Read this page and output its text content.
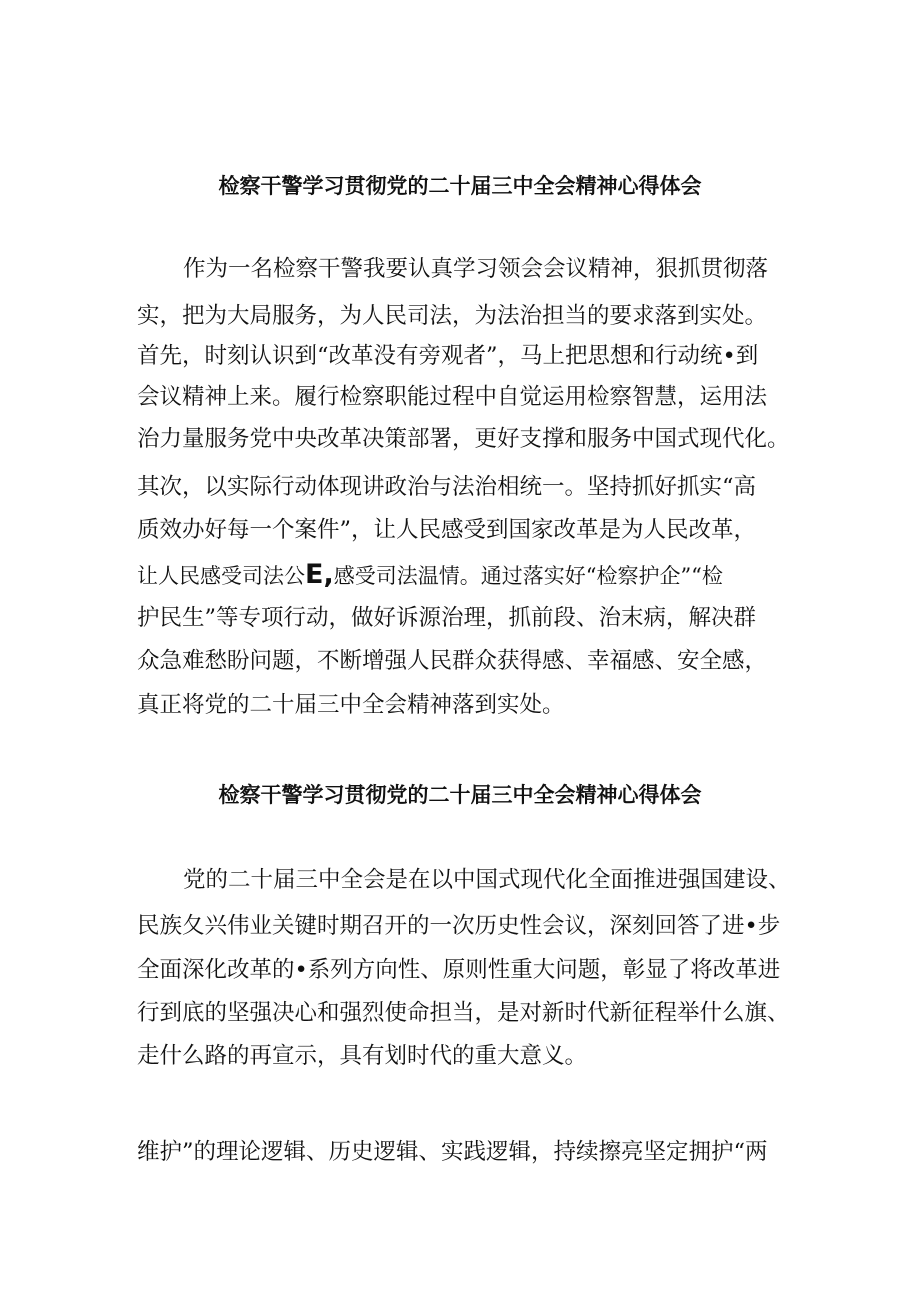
检察干警学习贯彻党的二十届三中全会精神心得体会
作为一名检察干警我要认真学习领会会议精神，狠抓贯彻落
实，把为大局服务，为人民司法，为法治担当的要求落到实处。
首先，时刻认识到“改革没有旁观者”，马上把思想和行动统•到
会议精神上来。履行检察职能过程中自觉运用检察智慧，运用法
治力量服务党中央改革决策部署，更好支撑和服务中国式现代化。
其次，以实际行动体现讲政治与法治相统一。坚持抓好抓实“高
质效办好每一个案件”，让人民感受到国家改革是为人民改革，
让人民感受司法公E,感受司法温情。通过落实好“检察护企”“检
护民生”等专项行动，做好诉源治理，抓前段、治末病，解决群
众急难愁盼问题，不断增强人民群众获得感、幸福感、安全感，
真正将党的二十届三中全会精神落到实处。
检察干警学习贯彻党的二十届三中全会精神心得体会
党的二十届三中全会是在以中国式现代化全面推进强国建设、
民族夂兴伟业关键时期召开的一次历史性会议，深刻回答了进•步
全面深化改革的•系列方向性、原则性重大问题，彰显了将改革进
行到底的坚强决心和强烈使命担当，是对新时代新征程举什么旗、
走什么路的再宣示，具有划时代的重大意义。
维护”的理论逻辑、历史逻辑、实践逻辑，持续擦亮坚定拥护“两
